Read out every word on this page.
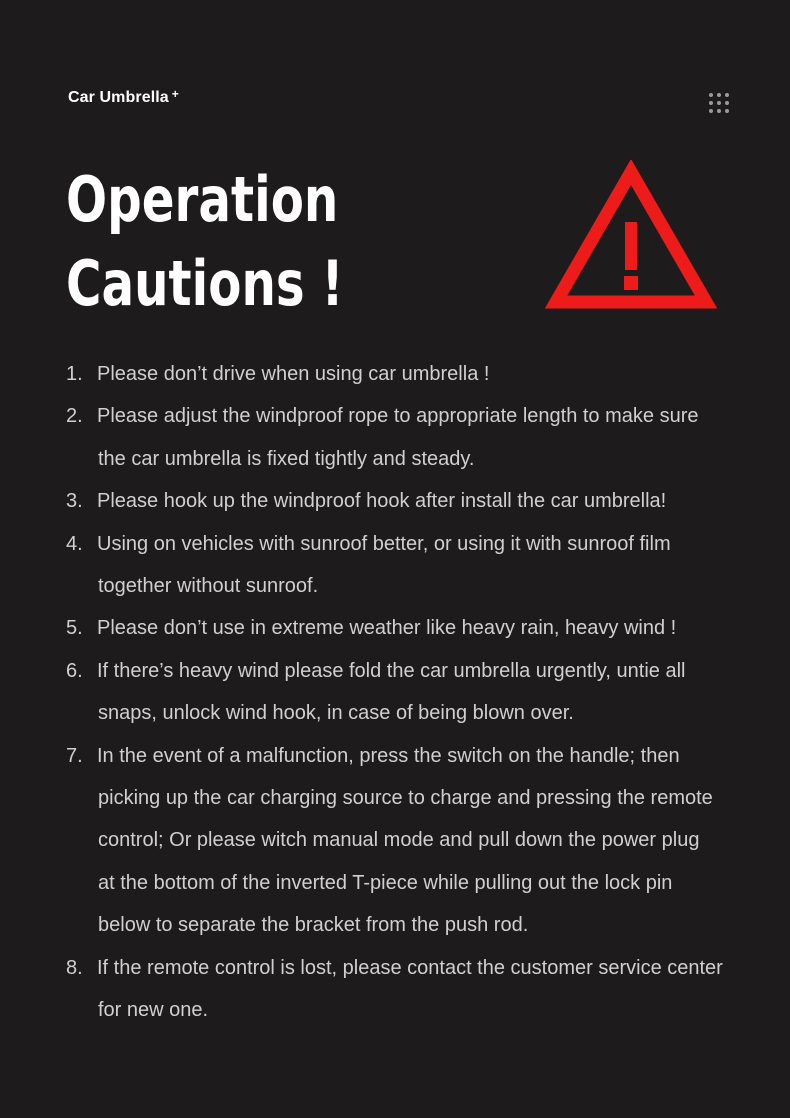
Car Umbrella +
Operation
Cautions !
1. Please don’t drive when using car umbrella !
2. Please adjust the windproof rope to appropriate length to make sure
the car umbrella is fixed tightly and steady.
3. Please hook up the windproof hook after install the car umbrella!
4. Using on vehicles with sunroof better, or using it with sunroof film
together without sunroof.
5. Please don’t use in extreme weather like heavy rain, heavy wind !
6. If there’s heavy wind please fold the car umbrella urgently, untie all
snaps, unlock wind hook, in case of being blown over.
7. In the event of a malfunction, press the switch on the handle; then
picking up the car charging source to charge and pressing the remote
control; Or please witch manual mode and pull down the power plug
at the bottom of the inverted T-piece while pulling out the lock pin
below to separate the bracket from the push rod.
8. If the remote control is lost, please contact the customer service center
for new one.
